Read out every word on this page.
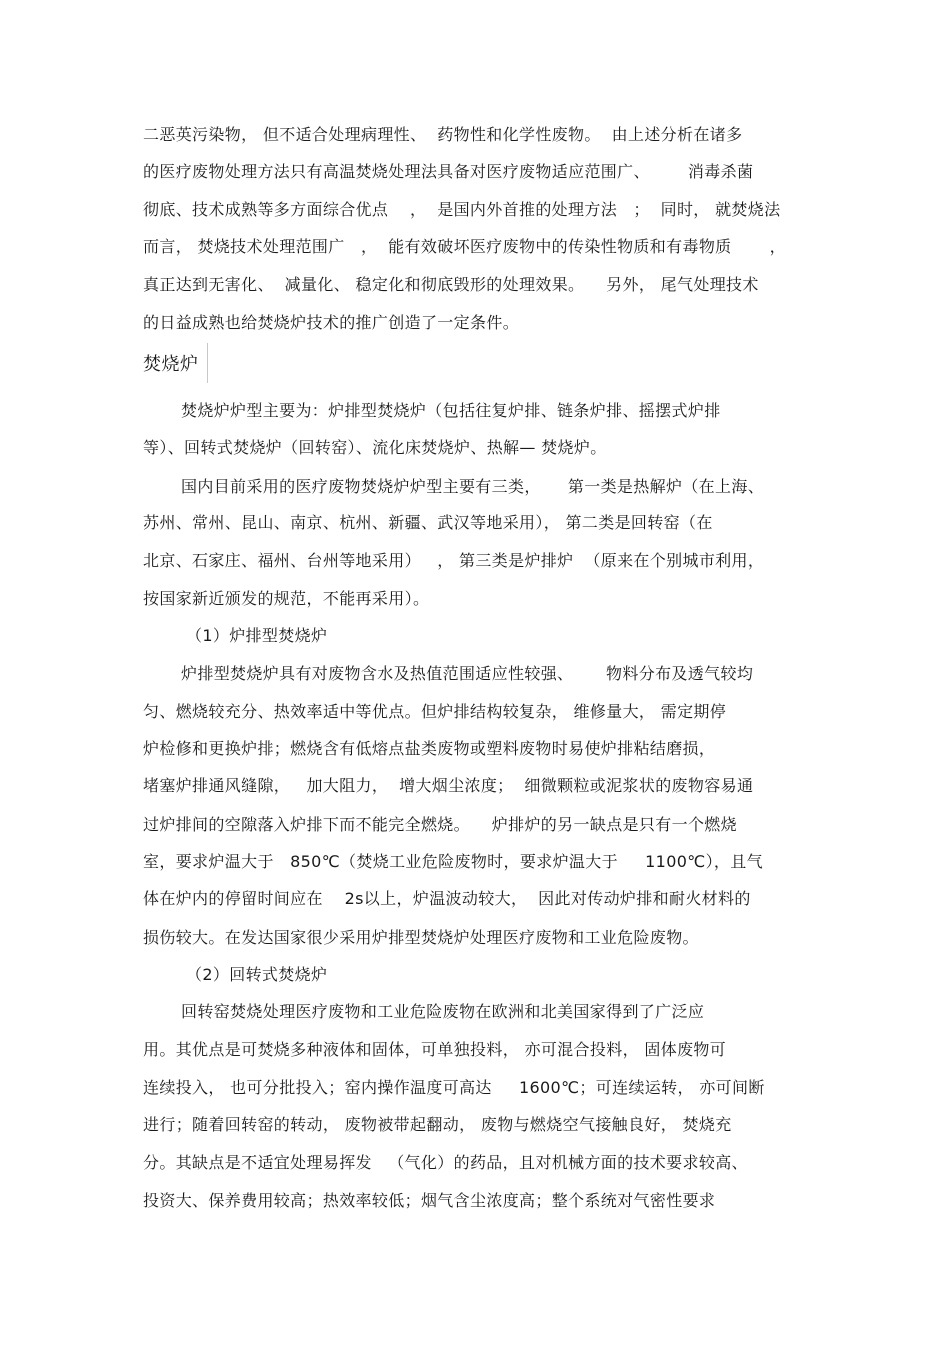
二恶英污染物， 但不适合处理病理性、  药物性和化学性废物。  由上述分析在诸多
的医疗废物处理方法只有高温焚烧处理法具备对医疗废物适应范围广、       消毒杀菌
彻底、技术成熟等多方面综合优点    ，  是国内外首推的处理方法   ；  同时， 就焚烧法
而言， 焚烧技术处理范围广   ，  能有效破坏医疗废物中的传染性物质和有毒物质       ，
真正达到无害化、  减量化、 稳定化和彻底毁形的处理效果。    另外， 尾气处理技术
的日益成熟也给焚烧炉技术的推广创造了一定条件。
焚烧炉
焚烧炉炉型主要为：炉排型焚烧炉（包括往复炉排、链条炉排、摇摆式炉排
等）、回转式焚烧炉（回转窑）、流化床焚烧炉、热解— 焚烧炉。
国内目前采用的医疗废物焚烧炉炉型主要有三类，     第一类是热解炉（在上海、
苏州、常州、昆山、南京、杭州、新疆、武汉等地采用）， 第二类是回转窑（在
北京、石家庄、福州、台州等地采用）   ， 第三类是炉排炉  （原来在个别城市利用，
按国家新近颁发的规范，不能再采用）。
（1）炉排型焚烧炉
炉排型焚烧炉具有对废物含水及热值范围适应性较强、      物料分布及透气较均
匀、燃烧较充分、热效率适中等优点。但炉排结构较复杂， 维修量大， 需定期停
炉检修和更换炉排；燃烧含有低熔点盐类废物或塑料废物时易使炉排粘结磨损，
堵塞炉排通风缝隙，   加大阻力，  增大烟尘浓度；  细微颗粒或泥浆状的废物容易通
过炉排间的空隙落入炉排下而不能完全燃烧。    炉排炉的另一缺点是只有一个燃烧
室，要求炉温大于   850℃（焚烧工业危险废物时，要求炉温大于     1100℃），且气
体在炉内的停留时间应在    2s以上，炉温波动较大，  因此对传动炉排和耐火材料的
损伤较大。在发达国家很少采用炉排型焚烧炉处理医疗废物和工业危险废物。
（2）回转式焚烧炉
回转窑焚烧处理医疗废物和工业危险废物在欧洲和北美国家得到了广泛应
用。其优点是可焚烧多种液体和固体，可单独投料， 亦可混合投料， 固体废物可
连续投入， 也可分批投入；窑内操作温度可高达     1600℃；可连续运转， 亦可间断
进行；随着回转窑的转动， 废物被带起翻动， 废物与燃烧空气接触良好， 焚烧充
分。其缺点是不适宜处理易挥发   （气化）的药品，且对机械方面的技术要求较高、
投资大、保养费用较高；热效率较低；烟气含尘浓度高；整个系统对气密性要求
